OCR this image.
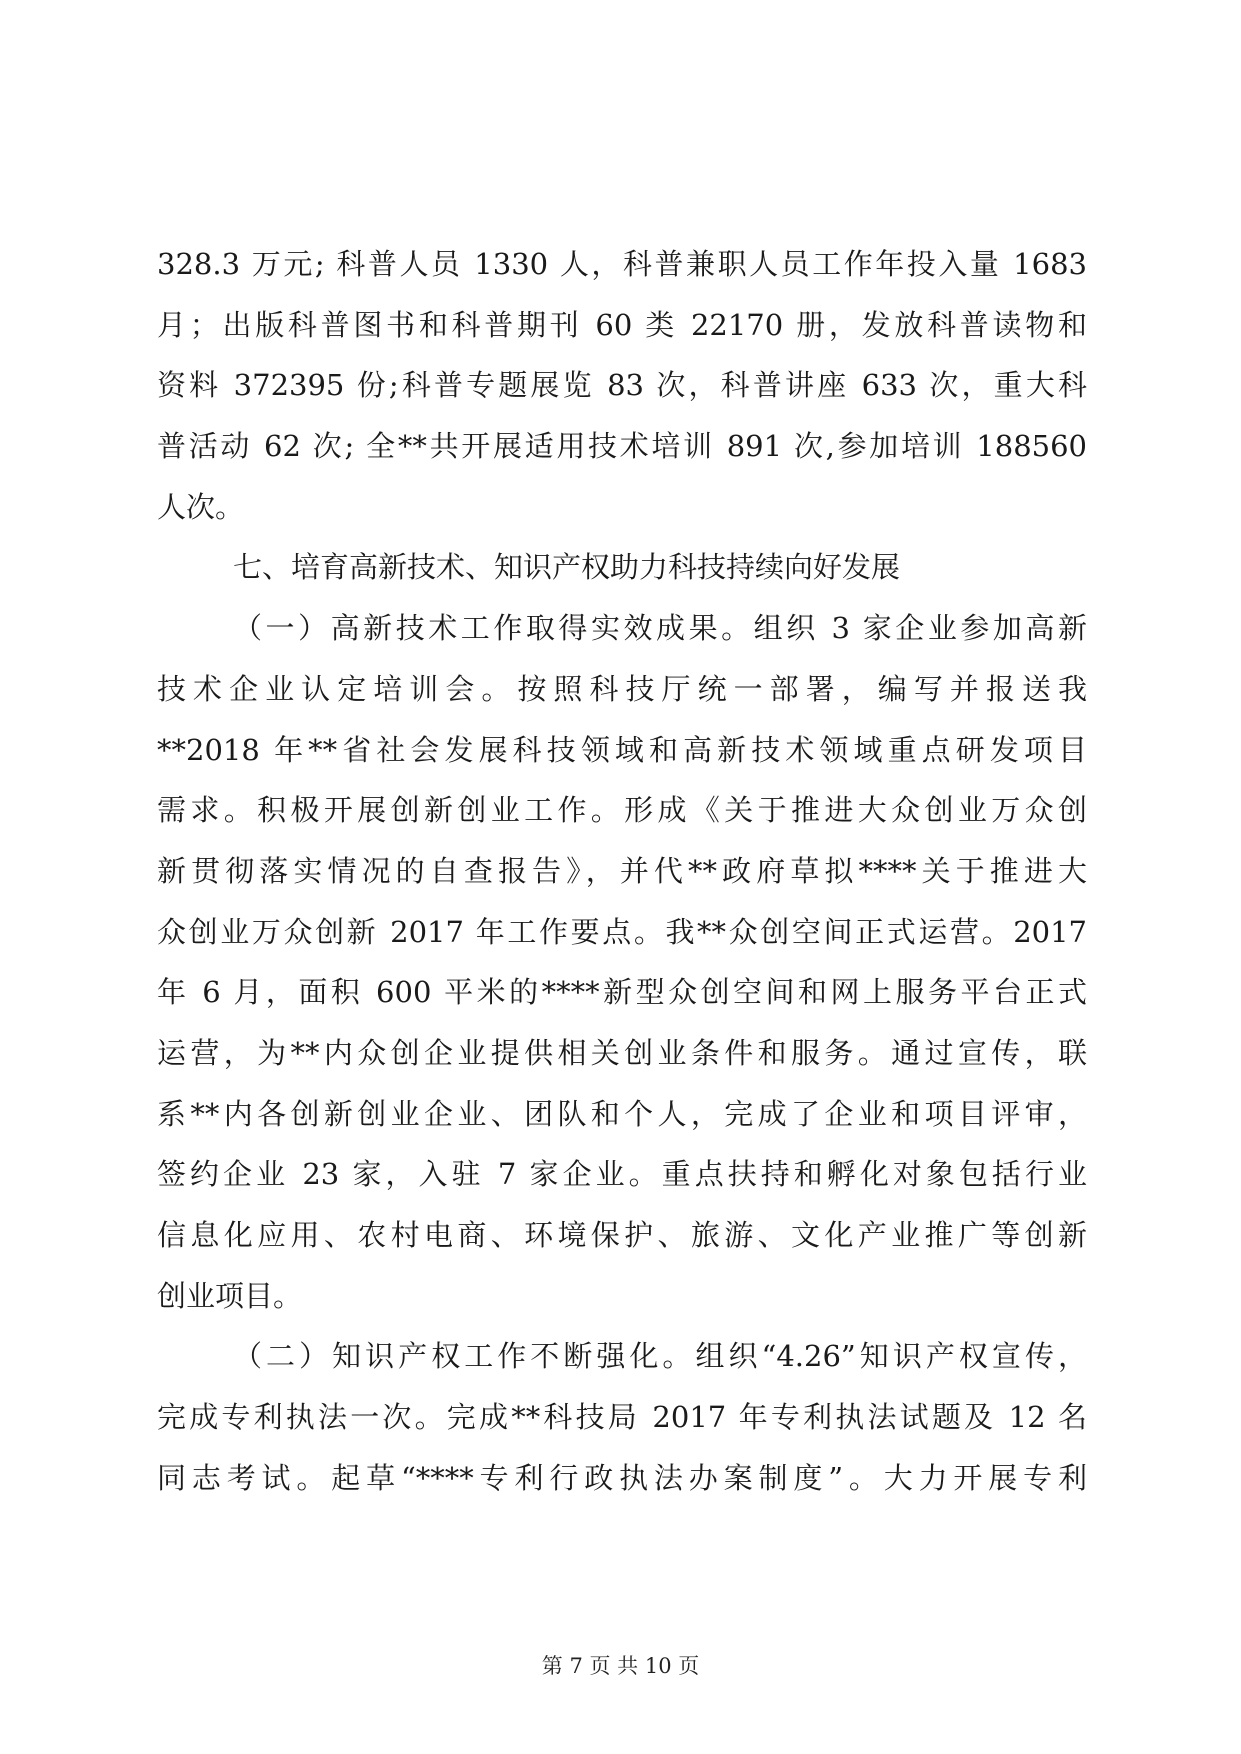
328.3 万元; 科普人员 1330 人，科普兼职人员工作年投入量 1683
月；出版科普图书和科普期刊 60 类 22170 册，发放科普读物和
资料 372395 份;科普专题展览 83 次，科普讲座 633 次，重大科
普活动 62 次; 全**共开展适用技术培训 891 次,参加培训 188560
人次。
七、培育高新技术、知识产权助力科技持续向好发展
（一）高新技术工作取得实效成果。组织 3 家企业参加高新
技术企业认定培训会。按照科技厅统一部署，编写并报送我
**2018 年**省社会发展科技领域和高新技术领域重点研发项目
需求。积极开展创新创业工作。形成《关于推进大众创业万众创
新贯彻落实情况的自查报告》，并代**政府草拟****关于推进大
众创业万众创新 2017 年工作要点。我**众创空间正式运营。2017
年 6 月，面积 600 平米的****新型众创空间和网上服务平台正式
运营，为**内众创企业提供相关创业条件和服务。通过宣传，联
系**内各创新创业企业、团队和个人，完成了企业和项目评审，
签约企业 23 家，入驻 7 家企业。重点扶持和孵化对象包括行业
信息化应用、农村电商、环境保护、旅游、文化产业推广等创新
创业项目。
（二）知识产权工作不断强化。组织“4.26”知识产权宣传，
完成专利执法一次。完成**科技局 2017 年专利执法试题及 12 名
同志考试。起草“****专利行政执法办案制度”。大力开展专利
第 7 页 共 10 页
